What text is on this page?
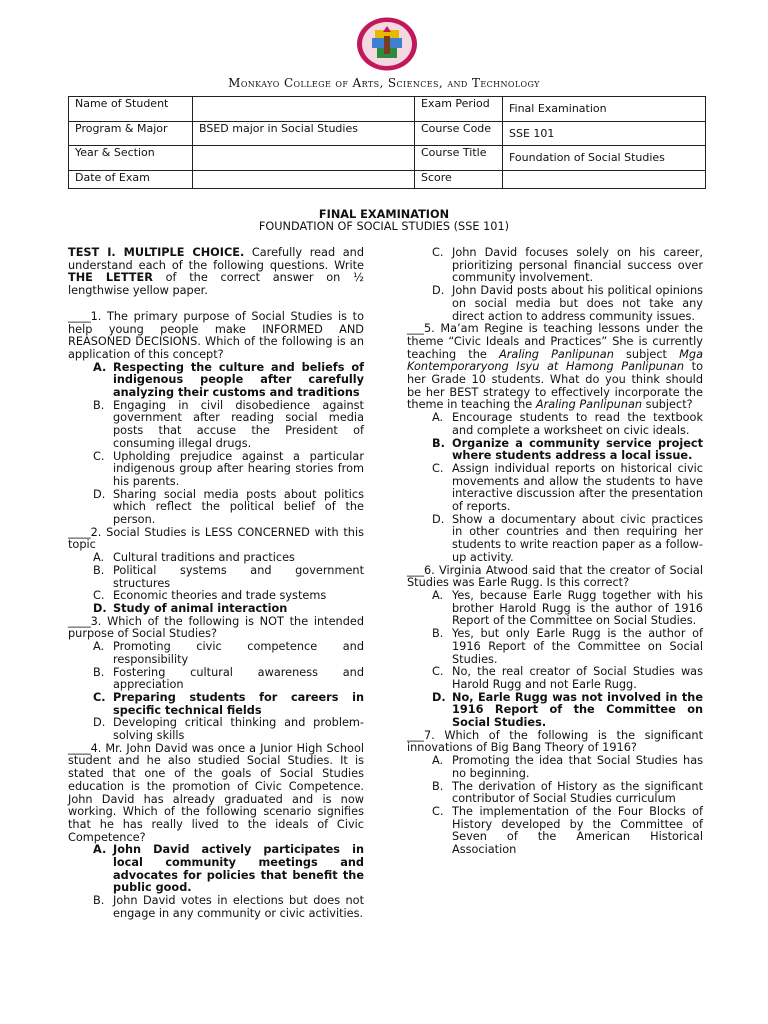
Monkayo College of Arts, Sciences, and Technology
Name of Student		Exam Period	Final Examination
Program & Major	BSED major in Social Studies	Course Code	SSE 101
Year & Section		Course Title	Foundation of Social Studies
Date of Exam		Score	
FINAL EXAMINATION
FOUNDATION OF SOCIAL STUDIES (SSE 101)

TEST I. MULTIPLE CHOICE. Carefully read and understand each of the following questions. Write THE LETTER of the correct answer on ½ lengthwise yellow paper.

____1. The primary purpose of Social Studies is to help young people make INFORMED AND REASONED DECISIONS. Which of the following is an application of this concept?

A. Respecting the culture and beliefs of indigenous people after carefully analyzing their customs and traditions
B. Engaging in civil disobedience against government after reading social media posts that accuse the President of consuming illegal drugs.
C. Upholding prejudice against a particular indigenous group after hearing stories from his parents.
D. Sharing social media posts about politics which reflect the political belief of the person.

____2. Social Studies is LESS CONCERNED with this topic

A. Cultural traditions and practices
B. Political systems and government structures
C. Economic theories and trade systems
D. Study of animal interaction

____3. Which of the following is NOT the intended purpose of Social Studies?

A. Promoting civic competence and responsibility
B. Fostering cultural awareness and appreciation
C. Preparing students for careers in specific technical fields
D. Developing critical thinking and problem-solving skills

____4. Mr. John David was once a Junior High School student and he also studied Social Studies. It is stated that one of the goals of Social Studies education is the promotion of Civic Competence. John David has already graduated and is now working. Which of the following scenario signifies that he has really lived to the ideals of Civic Competence?

A. John David actively participates in local community meetings and advocates for policies that benefit the public good.
B. John David votes in elections but does not engage in any community or civic activities.
C. John David focuses solely on his career, prioritizing personal financial success over community involvement.
D. John David posts about his political opinions on social media but does not take any direct action to address community issues.

___5. Ma’am Regine is teaching lessons under the theme “Civic Ideals and Practices” She is currently teaching the Araling Panlipunan subject Mga Kontemporaryong Isyu at Hamong Panlipunan to her Grade 10 students. What do you think should be her BEST strategy to effectively incorporate the theme in teaching the Araling Panlipunan subject?

A. Encourage students to read the textbook and complete a worksheet on civic ideals.
B. Organize a community service project where students address a local issue.
C. Assign individual reports on historical civic movements and allow the students to have interactive discussion after the presentation of reports.
D. Show a documentary about civic practices in other countries and then requiring her students to write reaction paper as a follow-up activity.

___6. Virginia Atwood said that the creator of Social Studies was Earle Rugg. Is this correct?

A. Yes, because Earle Rugg together with his brother Harold Rugg is the author of 1916 Report of the Committee on Social Studies.
B. Yes, but only Earle Rugg is the author of 1916 Report of the Committee on Social Studies.
C. No, the real creator of Social Studies was Harold Rugg and not Earle Rugg.
D. No, Earle Rugg was not involved in the 1916 Report of the Committee on Social Studies.

___7. Which of the following is the significant innovations of Big Bang Theory of 1916?

A. Promoting the idea that Social Studies has no beginning.
B. The derivation of History as the significant contributor of Social Studies curriculum
C. The implementation of the Four Blocks of History developed by the Committee of Seven of the American Historical Association
